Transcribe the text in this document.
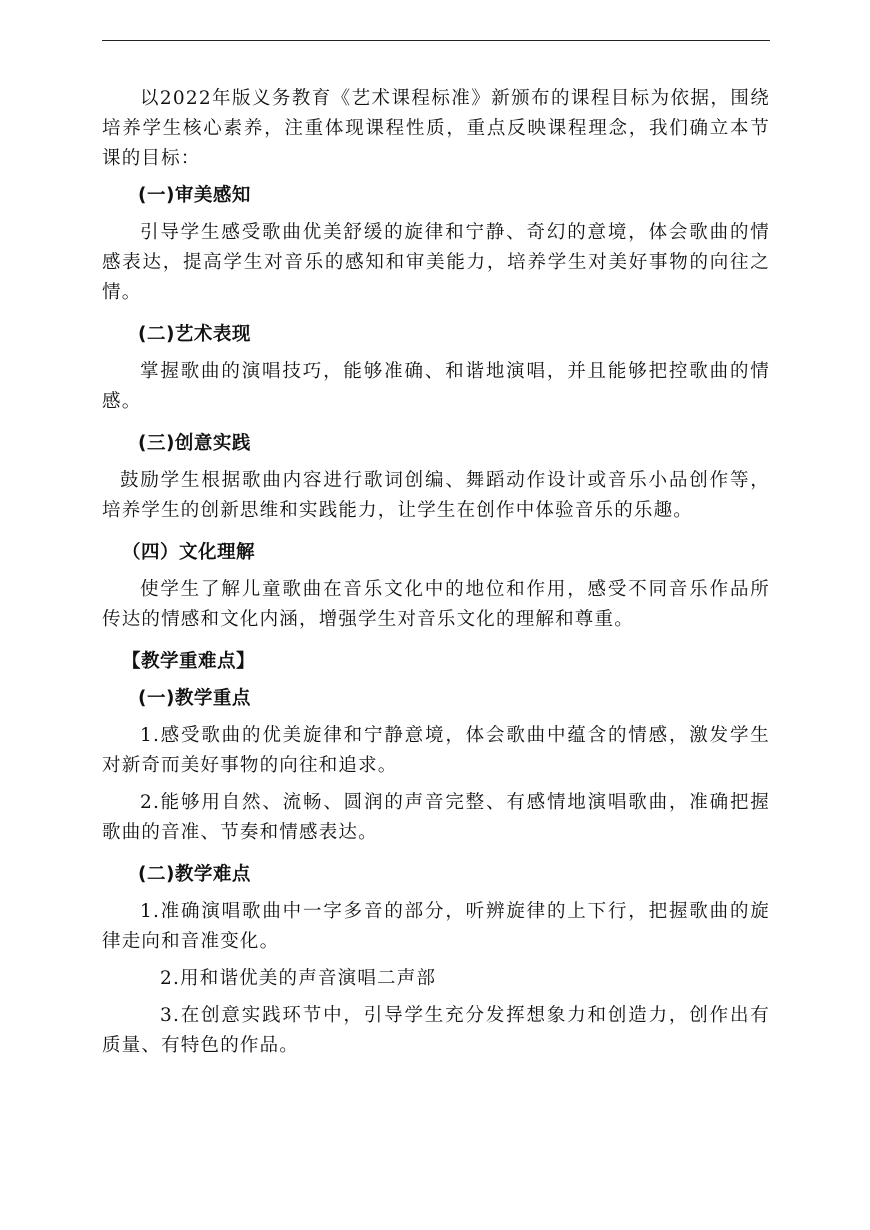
以2022年版义务教育《艺术课程标准》新颁布的课程目标为依据，围绕培养学生核心素养，注重体现课程性质，重点反映课程理念，我们确立本节课的目标：

(一)审美感知

引导学生感受歌曲优美舒缓的旋律和宁静、奇幻的意境，体会歌曲的情感表达，提高学生对音乐的感知和审美能力，培养学生对美好事物的向往之情。

(二)艺术表现

掌握歌曲的演唱技巧，能够准确、和谐地演唱，并且能够把控歌曲的情感。

(三)创意实践

鼓励学生根据歌曲内容进行歌词创编、舞蹈动作设计或音乐小品创作等，培养学生的创新思维和实践能力，让学生在创作中体验音乐的乐趣。

（四）文化理解

使学生了解儿童歌曲在音乐文化中的地位和作用，感受不同音乐作品所传达的情感和文化内涵，增强学生对音乐文化的理解和尊重。

【教学重难点】

(一)教学重点

1.感受歌曲的优美旋律和宁静意境，体会歌曲中蕴含的情感，激发学生对新奇而美好事物的向往和追求。

2.能够用自然、流畅、圆润的声音完整、有感情地演唱歌曲，准确把握歌曲的音准、节奏和情感表达。

(二)教学难点

1.准确演唱歌曲中一字多音的部分，听辨旋律的上下行，把握歌曲的旋律走向和音准变化。

2.用和谐优美的声音演唱二声部

3.在创意实践环节中，引导学生充分发挥想象力和创造力，创作出有质量、有特色的作品。
